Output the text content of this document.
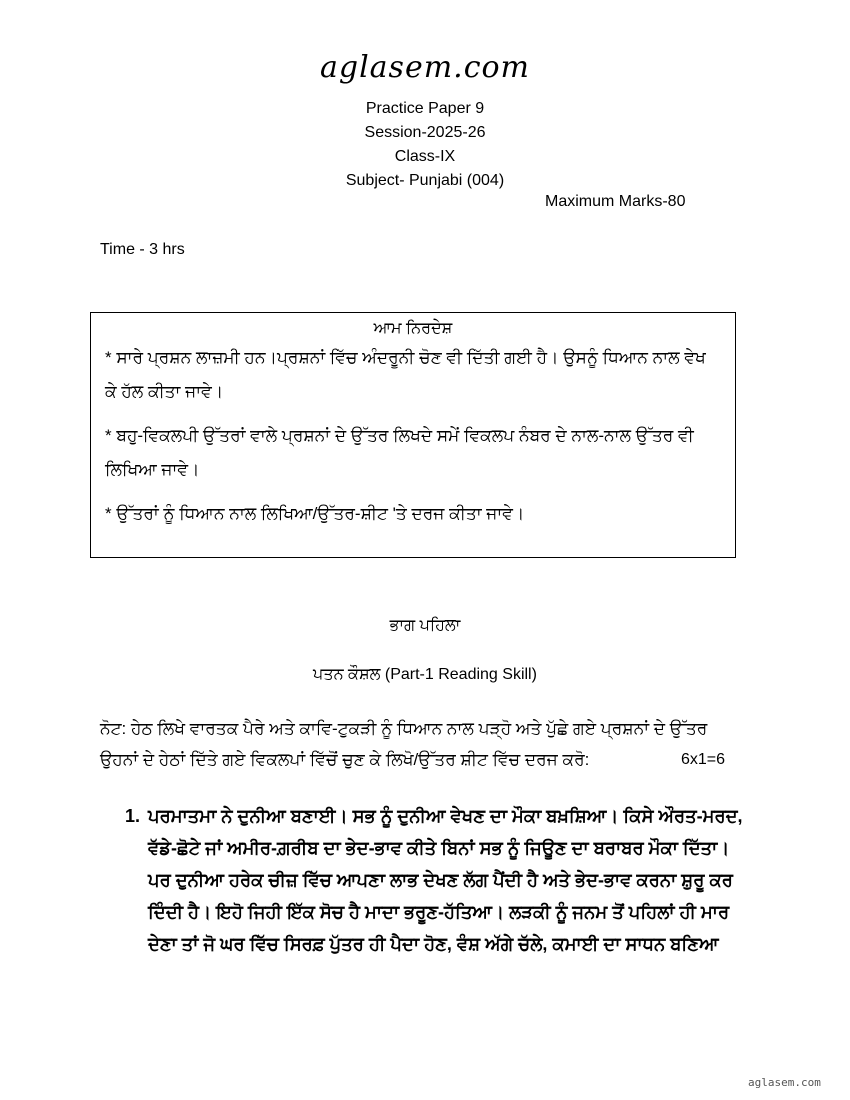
aglasem.com
Practice Paper 9
Session-2025-26
Class-IX
Subject- Punjabi (004)
Maximum Marks-80
Time - 3 hrs
ਆਮ ਨਿਰਦੇਸ਼

* ਸਾਰੇ ਪ੍ਰਸ਼ਨ ਲਾਜ਼ਮੀ ਹਨ।ਪ੍ਰਸ਼ਨਾਂ ਵਿੱਚ ਅੰਦਰੂਨੀ ਚੋਣ ਵੀ ਦਿੱਤੀ ਗਈ ਹੈ। ਉਸਨੂੰ ਧਿਆਨ ਨਾਲ ਵੇਖ ਕੇ ਹੱਲ ਕੀਤਾ ਜਾਵੇ।

* ਬਹੁ-ਵਿਕਲਪੀ ਉੱਤਰਾਂ ਵਾਲੇ ਪ੍ਰਸ਼ਨਾਂ ਦੇ ਉੱਤਰ ਲਿਖਦੇ ਸਮੇਂ ਵਿਕਲਪ ਨੰਬਰ ਦੇ ਨਾਲ-ਨਾਲ ਉੱਤਰ ਵੀ ਲਿਖਿਆ ਜਾਵੇ।

* ਉੱਤਰਾਂ ਨੂੰ ਧਿਆਨ ਨਾਲ ਲਿਖਿਆ/ਉੱਤਰ-ਸ਼ੀਟ 'ਤੇ ਦਰਜ ਕੀਤਾ ਜਾਵੇ।

ਭਾਗ ਪਹਿਲਾ
ਪਤਨ ਕੌਸ਼ਲ (Part-1 Reading Skill)

ਨੋਟ: ਹੇਠ ਲਿਖੇ ਵਾਰਤਕ ਪੈਰੇ ਅਤੇ ਕਾਵਿ-ਟੁਕੜੀ ਨੂੰ ਧਿਆਨ ਨਾਲ ਪੜ੍ਹੋ ਅਤੇ ਪੁੱਛੇ ਗਏ ਪ੍ਰਸ਼ਨਾਂ ਦੇ ਉੱਤਰ ਉਹਨਾਂ ਦੇ ਹੇਠਾਂ ਦਿੱਤੇ ਗਏ ਵਿਕਲਪਾਂ ਵਿੱਚੋਂ ਚੁਣ ਕੇ ਲਿਖੋ/ਉੱਤਰ ਸ਼ੀਟ ਵਿੱਚ ਦਰਜ ਕਰੋ:	6x1=6

1. ਪਰਮਾਤਮਾ ਨੇ ਦੁਨੀਆ ਬਣਾਈ। ਸਭ ਨੂੰ ਦੁਨੀਆ ਵੇਖਣ ਦਾ ਮੌਕਾ ਬਖ਼ਸ਼ਿਆ। ਕਿਸੇ ਔਰਤ-ਮਰਦ, ਵੱਡੇ-ਛੋਟੇ ਜਾਂ ਅਮੀਰ-ਗ਼ਰੀਬ ਦਾ ਭੇਦ-ਭਾਵ ਕੀਤੇ ਬਿਨਾਂ ਸਭ ਨੂੰ ਜਿਊਣ ਦਾ ਬਰਾਬਰ ਮੌਕਾ ਦਿੱਤਾ। ਪਰ ਦੁਨੀਆ ਹਰੇਕ ਚੀਜ਼ ਵਿੱਚ ਆਪਣਾ ਲਾਭ ਦੇਖਣ ਲੱਗ ਪੈਂਦੀ ਹੈ ਅਤੇ ਭੇਦ-ਭਾਵ ਕਰਨਾ ਸ਼ੁਰੂ ਕਰ ਦਿੰਦੀ ਹੈ। ਇਹੋ ਜਿਹੀ ਇੱਕ ਸੋਚ ਹੈ ਮਾਦਾ ਭਰੂਣ-ਹੱਤਿਆ। ਲੜਕੀ ਨੂੰ ਜਨਮ ਤੋਂ ਪਹਿਲਾਂ ਹੀ ਮਾਰ ਦੇਣਾ ਤਾਂ ਜੋ ਘਰ ਵਿੱਚ ਸਿਰਫ਼ ਪੁੱਤਰ ਹੀ ਪੈਦਾ ਹੋਣ, ਵੰਸ਼ ਅੱਗੇ ਚੱਲੇ, ਕਮਾਈ ਦਾ ਸਾਧਨ ਬਣਿਆ

aglasem.com
